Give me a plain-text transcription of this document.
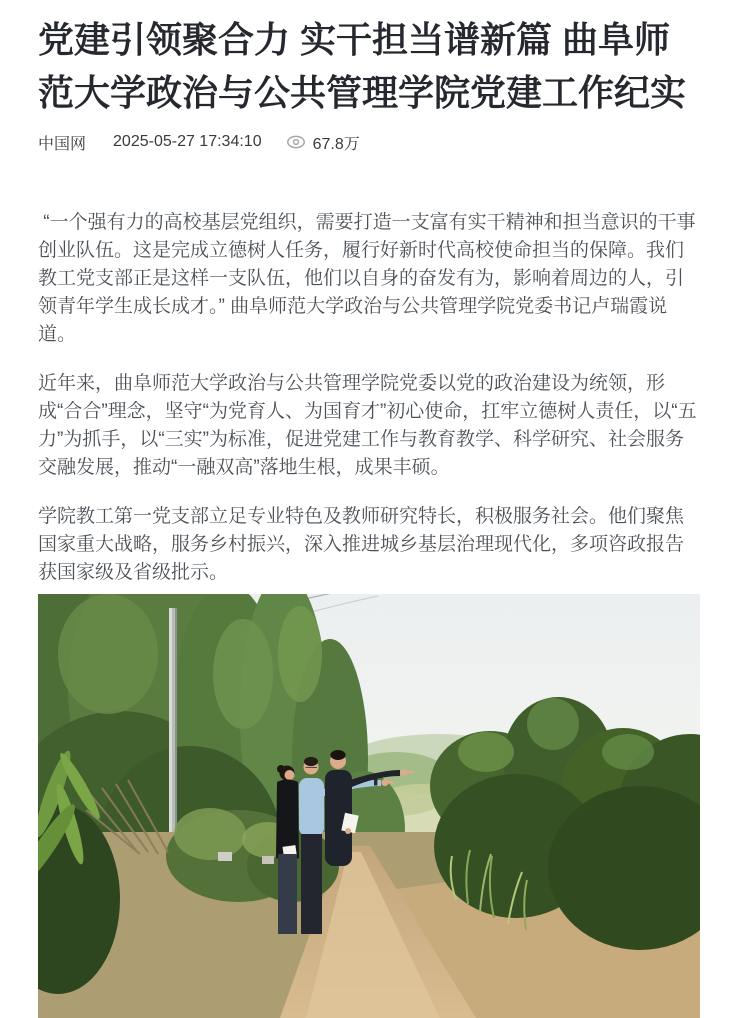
党建引领聚合力 实干担当谱新篇 曲阜师范大学政治与公共管理学院党建工作纪实
中国网 2025-05-27 17:34:10	67.8万

“一个强有力的高校基层党组织，需要打造一支富有实干精神和担当意识的干事创业队伍。这是完成立德树人任务，履行好新时代高校使命担当的保障。我们教工党支部正是这样一支队伍，他们以自身的奋发有为，影响着周边的人，引领青年学生成长成才。” 曲阜师范大学政治与公共管理学院党委书记卢瑞霞说道。

近年来，曲阜师范大学政治与公共管理学院党委以党的政治建设为统领，形成“合合”理念，坚守“为党育人、为国育才”初心使命，扛牢立德树人责任，以“五力”为抓手，以“三实”为标准，促进党建工作与教育教学、科学研究、社会服务交融发展，推动“一融双高”落地生根，成果丰硕。

学院教工第一党支部立足专业特色及教师研究特长，积极服务社会。他们聚焦国家重大战略，服务乡村振兴，深入推进城乡基层治理现代化，多项咨政报告获国家级及省级批示。
